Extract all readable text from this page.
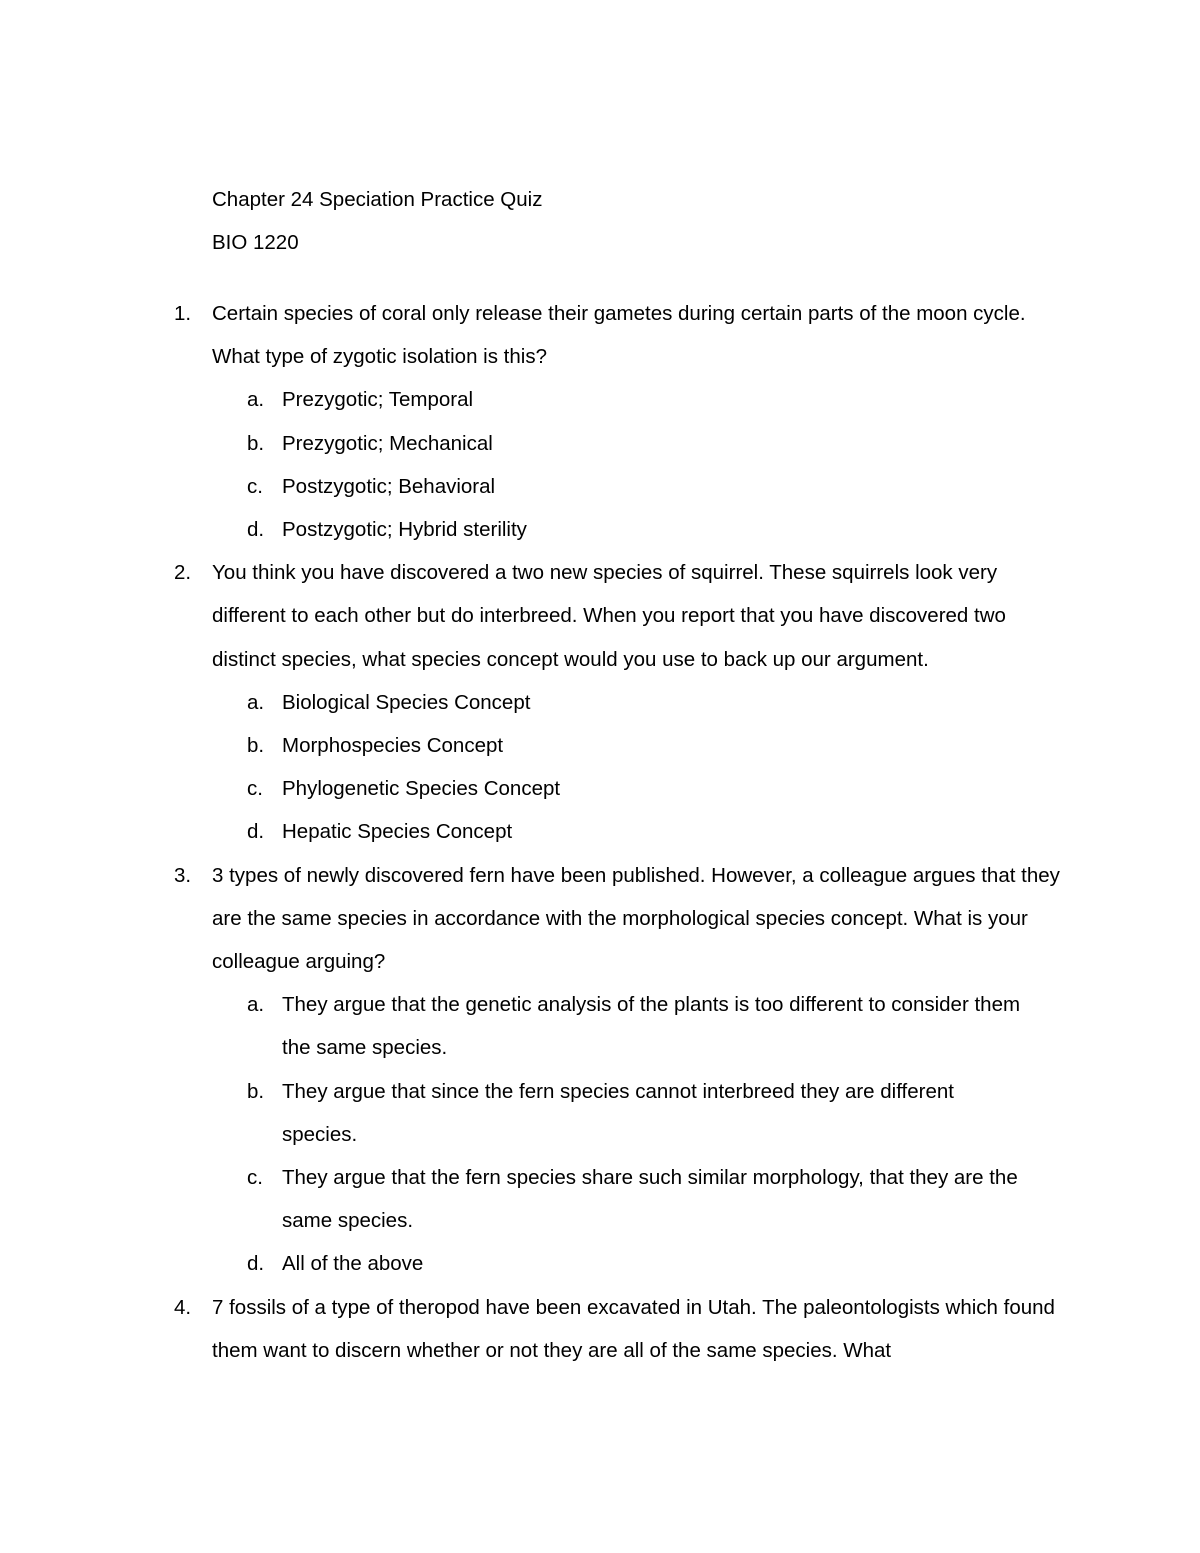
Chapter 24 Speciation Practice Quiz
BIO 1220
1. Certain species of coral only release their gametes during certain parts of the moon cycle. What type of zygotic isolation is this?
a. Prezygotic; Temporal
b. Prezygotic; Mechanical
c. Postzygotic; Behavioral
d. Postzygotic; Hybrid sterility
2. You think you have discovered a two new species of squirrel. These squirrels look very different to each other but do interbreed. When you report that you have discovered two distinct species, what species concept would you use to back up our argument.
a. Biological Species Concept
b. Morphospecies Concept
c. Phylogenetic Species Concept
d. Hepatic Species Concept
3. 3 types of newly discovered fern have been published. However, a colleague argues that they are the same species in accordance with the morphological species concept. What is your colleague arguing?
a. They argue that the genetic analysis of the plants is too different to consider them the same species.
b. They argue that since the fern species cannot interbreed they are different species.
c. They argue that the fern species share such similar morphology, that they are the same species.
d. All of the above
4. 7 fossils of a type of theropod have been excavated in Utah. The paleontologists which found them want to discern whether or not they are all of the same species. What
